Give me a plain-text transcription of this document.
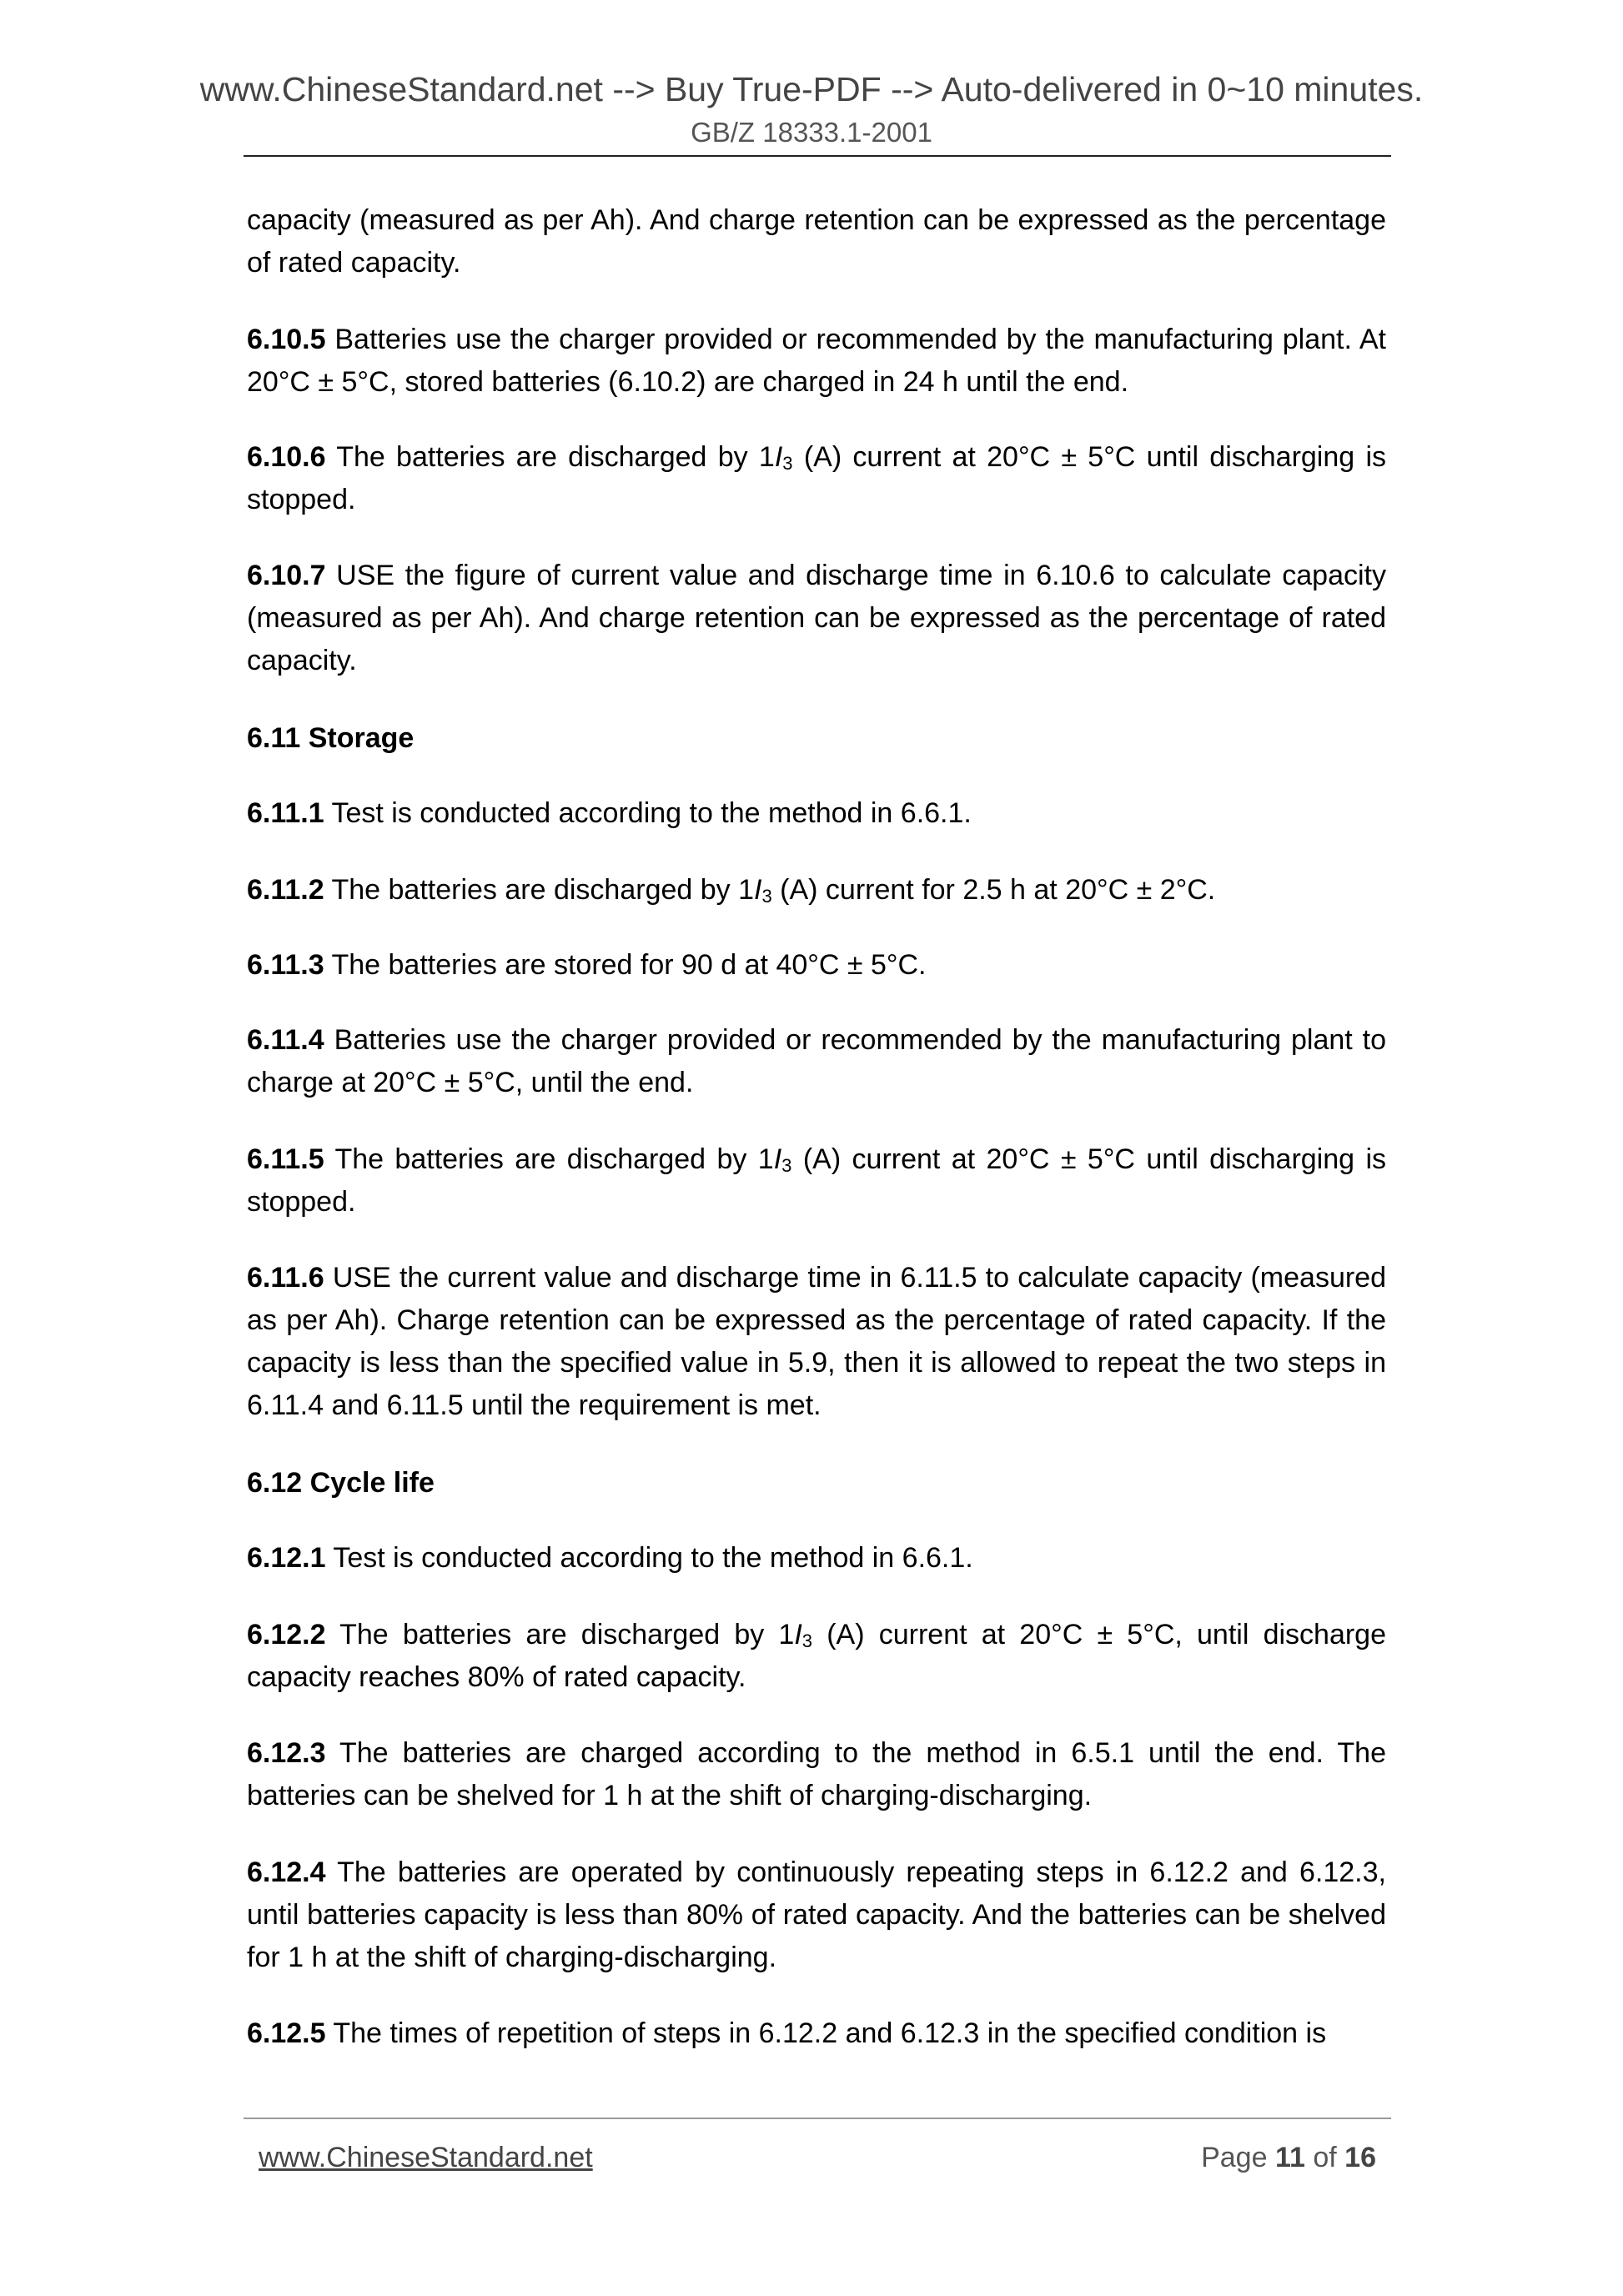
www.ChineseStandard.net --> Buy True-PDF --> Auto-delivered in 0~10 minutes.
GB/Z 18333.1-2001
capacity (measured as per Ah). And charge retention can be expressed as the percentage of rated capacity.
6.10.5 Batteries use the charger provided or recommended by the manufacturing plant. At 20°C ± 5°C, stored batteries (6.10.2) are charged in 24 h until the end.
6.10.6 The batteries are discharged by $1I_3$ (A) current at 20°C ± 5°C until discharging is stopped.
6.10.7 USE the figure of current value and discharge time in 6.10.6 to calculate capacity (measured as per Ah). And charge retention can be expressed as the percentage of rated capacity.
6.11 Storage
6.11.1 Test is conducted according to the method in 6.6.1.
6.11.2 The batteries are discharged by $1I_3$ (A) current for 2.5 h at 20°C ± 2°C.
6.11.3 The batteries are stored for 90 d at 40°C ± 5°C.
6.11.4 Batteries use the charger provided or recommended by the manufacturing plant to charge at 20°C ± 5°C, until the end.
6.11.5 The batteries are discharged by $1I_3$ (A) current at 20°C ± 5°C until discharging is stopped.
6.11.6 USE the current value and discharge time in 6.11.5 to calculate capacity (measured as per Ah). Charge retention can be expressed as the percentage of rated capacity. If the capacity is less than the specified value in 5.9, then it is allowed to repeat the two steps in 6.11.4 and 6.11.5 until the requirement is met.
6.12 Cycle life
6.12.1 Test is conducted according to the method in 6.6.1.
6.12.2 The batteries are discharged by $1I_3$ (A) current at 20°C ± 5°C, until discharge capacity reaches 80% of rated capacity.
6.12.3 The batteries are charged according to the method in 6.5.1 until the end. The batteries can be shelved for 1 h at the shift of charging-discharging.
6.12.4 The batteries are operated by continuously repeating steps in 6.12.2 and 6.12.3, until batteries capacity is less than 80% of rated capacity. And the batteries can be shelved for 1 h at the shift of charging-discharging.
6.12.5 The times of repetition of steps in 6.12.2 and 6.12.3 in the specified condition is
www.ChineseStandard.net	Page 11 of 16
